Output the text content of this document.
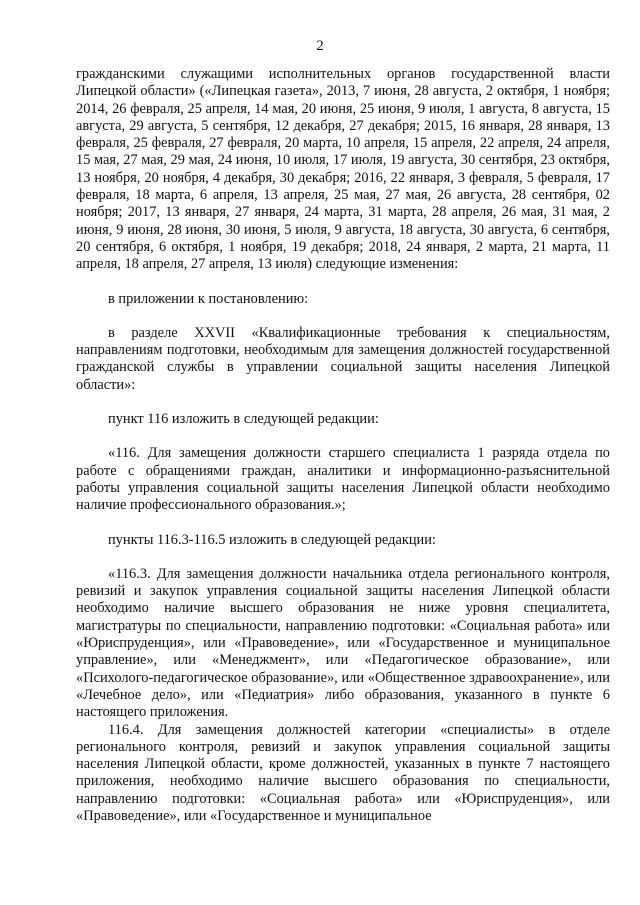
2

гражданскими служащими исполнительных органов государственной власти Липецкой области» («Липецкая газета», 2013, 7 июня, 28 августа, 2 октября, 1 ноября; 2014, 26 февраля, 25 апреля, 14 мая, 20 июня, 25 июня, 9 июля, 1 августа, 8 августа, 15 августа, 29 августа, 5 сентября, 12 декабря, 27 декабря; 2015, 16 января, 28 января, 13 февраля, 25 февраля, 27 февраля, 20 марта, 10 апреля, 15 апреля, 22 апреля, 24 апреля, 15 мая, 27 мая, 29 мая, 24 июня, 10 июля, 17 июля, 19 августа, 30 сентября, 23 октября, 13 ноября, 20 ноября, 4 декабря, 30 декабря; 2016, 22 января, 3 февраля, 5 февраля, 17 февраля, 18 марта, 6 апреля, 13 апреля, 25 мая, 27 мая, 26 августа, 28 сентября, 02 ноября; 2017, 13 января, 27 января, 24 марта, 31 марта, 28 апреля, 26 мая, 31 мая, 2 июня, 9 июня, 28 июня, 30 июня, 5 июля, 9 августа, 18 августа, 30 августа, 6 сентября, 20 сентября, 6 октября, 1 ноября, 19 декабря; 2018, 24 января, 2 марта, 21 марта, 11 апреля, 18 апреля, 27 апреля, 13 июля) следующие изменения:

в приложении к постановлению:

в разделе XXVII «Квалификационные требования к специальностям, направлениям подготовки, необходимым для замещения должностей государственной гражданской службы в управлении социальной защиты населения Липецкой области»:

пункт 116 изложить в следующей редакции:

«116. Для замещения должности старшего специалиста 1 разряда отдела по работе с обращениями граждан, аналитики и информационно-разъяснительной работы управления социальной защиты населения Липецкой области необходимо наличие профессионального образования.»;

пункты 116.3-116.5 изложить в следующей редакции:

«116.3. Для замещения должности начальника отдела регионального контроля, ревизий и закупок управления социальной защиты населения Липецкой области необходимо наличие высшего образования не ниже уровня специалитета, магистратуры по специальности, направлению подготовки: «Социальная работа» или «Юриспруденция», или «Правоведение», или «Государственное и муниципальное управление», или «Менеджмент», или «Педагогическое образование», или «Психолого-педагогическое образование», или «Общественное здравоохранение», или «Лечебное дело», или «Педиатрия» либо образования, указанного в пункте 6 настоящего приложения.

116.4. Для замещения должностей категории «специалисты» в отделе регионального контроля, ревизий и закупок управления социальной защиты населения Липецкой области, кроме должностей, указанных в пункте 7 настоящего приложения, необходимо наличие высшего образования по специальности, направлению подготовки: «Социальная работа» или «Юриспруденция», или «Правоведение», или «Государственное и муниципальное
